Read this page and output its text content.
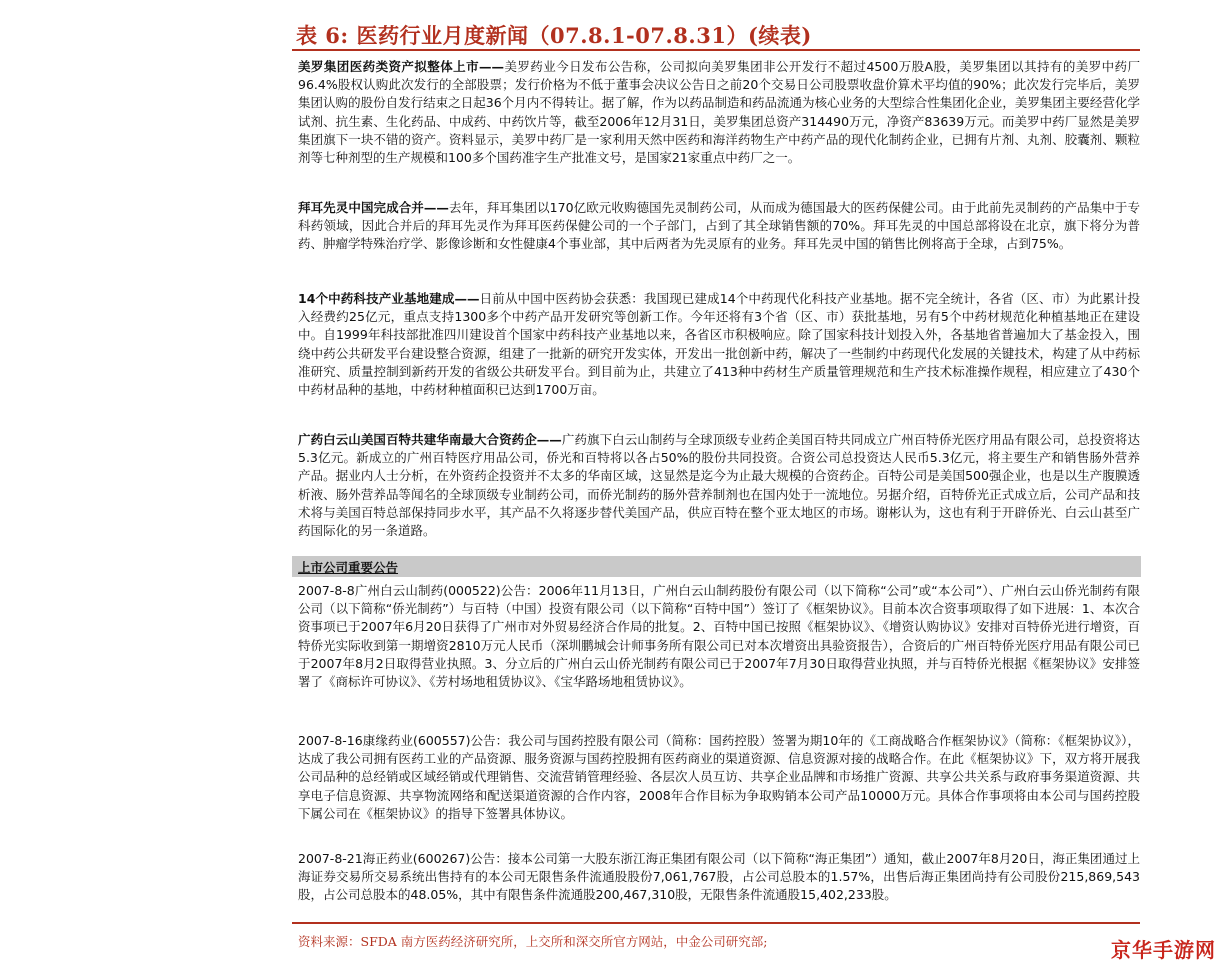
表 6: 医药行业月度新闻（07.8.1-07.8.31）(续表)
美罗集团医药类资产拟整体上市——美罗药业今日发布公告称，公司拟向美罗集团非公开发行不超过4500万股A股，美罗集团以其持有的美罗中药厂96.4%股权认购此次发行的全部股票；发行价格为不低于董事会决议公告日之前20个交易日公司股票收盘价算术平均值的90%；此次发行完毕后，美罗集团认购的股份自发行结束之日起36个月内不得转让。据了解，作为以药品制造和药品流通为核心业务的大型综合性集团化企业，美罗集团主要经营化学试剂、抗生素、生化药品、中成药、中药饮片等，截至2006年12月31日，美罗集团总资产314490万元，净资产83639万元。而美罗中药厂显然是美罗集团旗下一块不错的资产。资料显示，美罗中药厂是一家利用天然中医药和海洋药物生产中药产品的现代化制药企业，已拥有片剂、丸剂、胶囊剂、颗粒剂等七种剂型的生产规模和100多个国药准字生产批准文号，是国家21家重点中药厂之一。
拜耳先灵中国完成合并——去年，拜耳集团以170亿欧元收购德国先灵制药公司，从而成为德国最大的医药保健公司。由于此前先灵制药的产品集中于专科药领域，因此合并后的拜耳先灵作为拜耳医药保健公司的一个子部门，占到了其全球销售额的70%。拜耳先灵的中国总部将设在北京，旗下将分为普药、肿瘤学特殊治疗学、影像诊断和女性健康4个事业部，其中后两者为先灵原有的业务。拜耳先灵中国的销售比例将高于全球，占到75%。
14个中药科技产业基地建成——日前从中国中医药协会获悉：我国现已建成14个中药现代化科技产业基地。据不完全统计，各省（区、市）为此累计投入经费约25亿元，重点支持1300多个中药产品开发研究等创新工作。今年还将有3个省（区、市）获批基地，另有5个中药材规范化种植基地正在建设中。自1999年科技部批准四川建设首个国家中药科技产业基地以来，各省区市积极响应。除了国家科技计划投入外，各基地省普遍加大了基金投入，围绕中药公共研发平台建设整合资源，组建了一批新的研究开发实体，开发出一批创新中药，解决了一些制约中药现代化发展的关键技术，构建了从中药标准研究、质量控制到新药开发的省级公共研发平台。到目前为止，共建立了413种中药材生产质量管理规范和生产技术标准操作规程，相应建立了430个中药材品种的基地，中药材种植面积已达到1700万亩。
广药白云山美国百特共建华南最大合资药企——广药旗下白云山制药与全球顶级专业药企美国百特共同成立广州百特侨光医疗用品有限公司，总投资将达5.3亿元。新成立的广州百特医疗用品公司，侨光和百特将以各占50%的股份共同投资。合资公司总投资达人民币5.3亿元，将主要生产和销售肠外营养产品。据业内人士分析，在外资药企投资并不太多的华南区域，这显然是迄今为止最大规模的合资药企。百特公司是美国500强企业，也是以生产腹膜透析液、肠外营养品等闻名的全球顶级专业制药公司，而侨光制药的肠外营养制剂也在国内处于一流地位。另据介绍，百特侨光正式成立后，公司产品和技术将与美国百特总部保持同步水平，其产品不久将逐步替代美国产品，供应百特在整个亚太地区的市场。谢彬认为，这也有利于开辟侨光、白云山甚至广药国际化的另一条道路。
上市公司重要公告
2007-8-8广州白云山制药(000522)公告：2006年11月13日，广州白云山制药股份有限公司（以下简称“公司”或“本公司”）、广州白云山侨光制药有限公司（以下简称“侨光制药”）与百特（中国）投资有限公司（以下简称“百特中国”）签订了《框架协议》。目前本次合资事项取得了如下进展：1、本次合资事项已于2007年6月20日获得了广州市对外贸易经济合作局的批复。2、百特中国已按照《框架协议》、《增资认购协议》安排对百特侨光进行增资，百特侨光实际收到第一期增资2810万元人民币（深圳鹏城会计师事务所有限公司已对本次增资出具验资报告），合资后的广州百特侨光医疗用品有限公司已于2007年8月2日取得营业执照。3、分立后的广州白云山侨光制药有限公司已于2007年7月30日取得营业执照，并与百特侨光根据《框架协议》安排签署了《商标许可协议》、《芳村场地租赁协议》、《宝华路场地租赁协议》。
2007-8-16康缘药业(600557)公告：我公司与国药控股有限公司（简称：国药控股）签署为期10年的《工商战略合作框架协议》（简称：《框架协议》），达成了我公司拥有医药工业的产品资源、服务资源与国药控股拥有医药商业的渠道资源、信息资源对接的战略合作。在此《框架协议》下，双方将开展我公司品种的总经销或区域经销或代理销售、交流营销管理经验、各层次人员互访、共享企业品牌和市场推广资源、共享公共关系与政府事务渠道资源、共享电子信息资源、共享物流网络和配送渠道资源的合作内容，2008年合作目标为争取购销本公司产品10000万元。具体合作事项将由本公司与国药控股下属公司在《框架协议》的指导下签署具体协议。
2007-8-21海正药业(600267)公告：接本公司第一大股东浙江海正集团有限公司（以下简称“海正集团”）通知，截止2007年8月20日，海正集团通过上海证券交易所交易系统出售持有的本公司无限售条件流通股股份7,061,767股，占公司总股本的1.57%，出售后海正集团尚持有公司股份215,869,543股，占公司总股本的48.05%，其中有限售条件流通股200,467,310股，无限售条件流通股15,402,233股。
资料来源：SFDA 南方医药经济研究所，上交所和深交所官方网站，中金公司研究部;	京华手游网
